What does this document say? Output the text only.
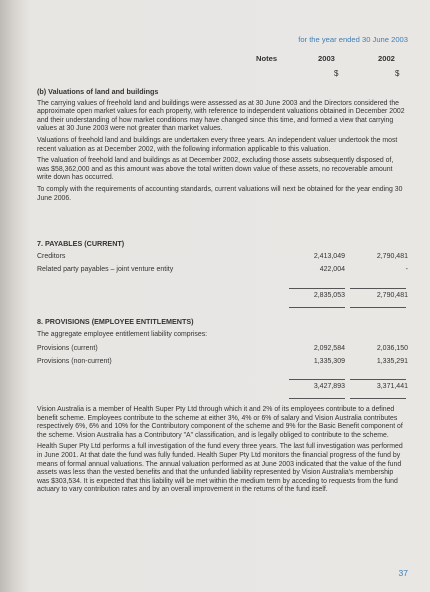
for the year ended 30 June 2003
Notes	2003	2002
$	$

(b) Valuations of land and buildings

The carrying values of freehold land and buildings were assessed as at 30 June 2003 and the Directors considered the approximate open market values for each property, with reference to independent valuations obtained in December 2002 and their understanding of how market conditions may have changed since this time, and formed a view that carrying values at 30 June 2003 were not greater than market values.

Valuations of freehold land and buildings are undertaken every three years. An independent valuer undertook the most recent valuation as at December 2002, with the following information applicable to this valuation.

The valuation of freehold land and buildings as at December 2002, excluding those assets subsequently disposed of, was $58,362,000 and as this amount was above the total written down value of these assets, no recoverable amount write down has occurred.

To comply with the requirements of accounting standards, current valuations will next be obtained for the year ending 30 June 2006.

7. PAYABLES (CURRENT)
Creditors	2,413,049	2,790,481
Related party payables – joint venture entity	422,004	-
2,835,053	2,790,481
8. PROVISIONS (EMPLOYEE ENTITLEMENTS)
The aggregate employee entitlement liability comprises:
Provisions (current)	2,092,584	2,036,150
Provisions (non-current)	1,335,309	1,335,291
3,427,893	3,371,441

Vision Australia is a member of Health Super Pty Ltd through which it and 2% of its employees contribute to a defined benefit scheme. Employees contribute to the scheme at either 3%, 4% or 6% of salary and Vision Australia contributes respectively 6%, 6% and 10% for the Contributory component of the scheme and 9% for the Basic Benefit component of the scheme. Vision Australia has a Contributory "A" classification, and is legally obliged to contribute to the scheme.

Health Super Pty Ltd performs a full investigation of the fund every three years. The last full investigation was performed in June 2001. At that date the fund was fully funded. Health Super Pty Ltd monitors the financial progress of the fund by means of formal annual valuations. The annual valuation performed as at June 2003 indicated that the value of the fund assets was less than the vested benefits and that the unfunded liability represented by Vision Australia's membership was $303,534. It is expected that this liability will be met within the medium term by acceding to requests from the fund actuary to vary contribution rates and by an overall improvement in the returns of the fund itself.

37
